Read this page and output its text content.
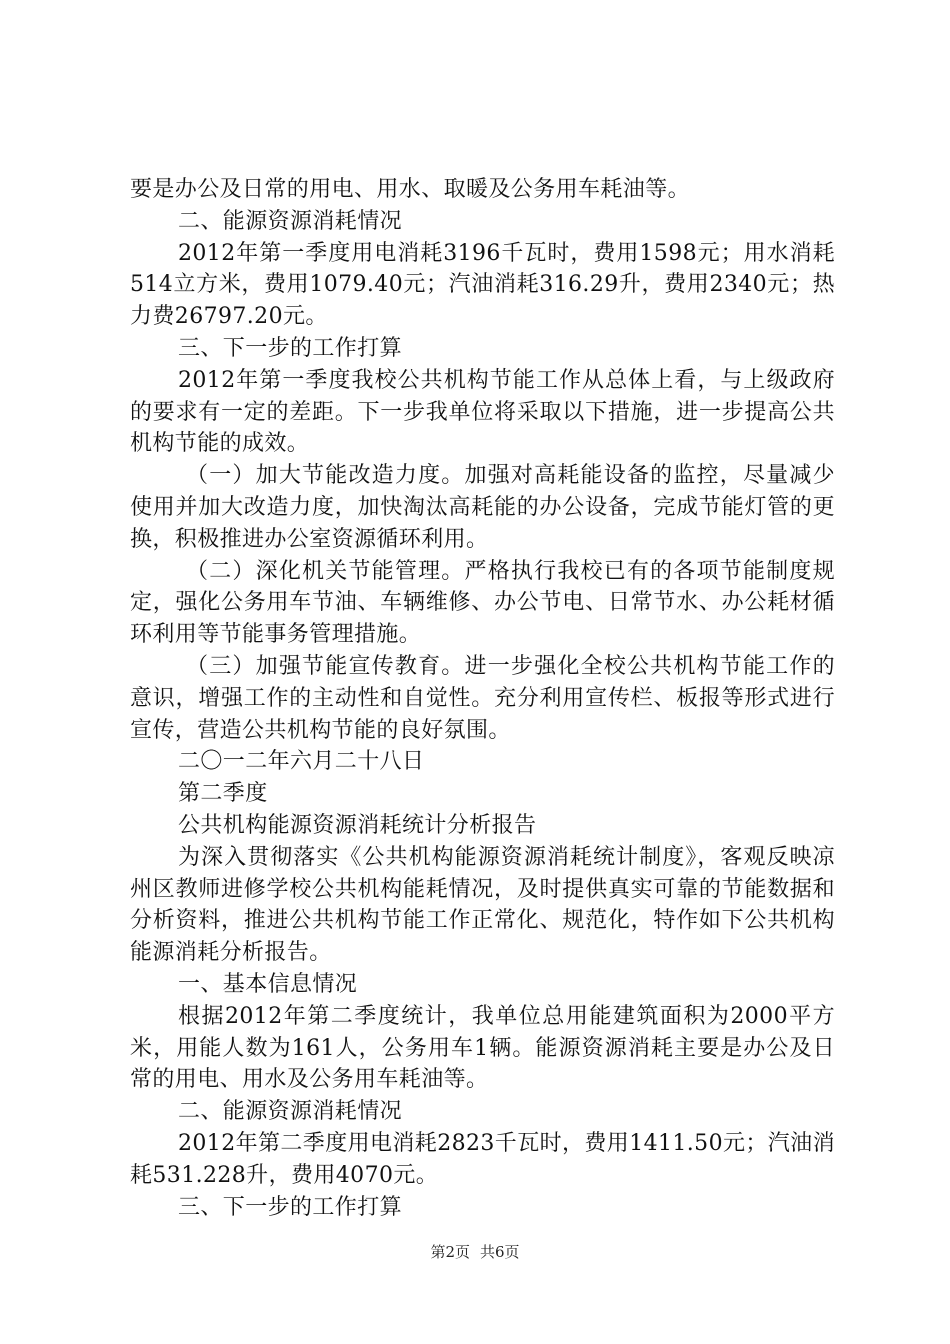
要是办公及日常的用电、用水、取暖及公务用车耗油等。

二、能源资源消耗情况

2012年第一季度用电消耗3196千瓦时，费用1598元；用水消耗514立方米，费用1079.40元；汽油消耗316.29升，费用2340元；热力费26797.20元。

三、下一步的工作打算

2012年第一季度我校公共机构节能工作从总体上看，与上级政府的要求有一定的差距。下一步我单位将采取以下措施，进一步提高公共机构节能的成效。

（一）加大节能改造力度。加强对高耗能设备的监控，尽量减少使用并加大改造力度，加快淘汰高耗能的办公设备，完成节能灯管的更换，积极推进办公室资源循环利用。

（二）深化机关节能管理。严格执行我校已有的各项节能制度规定，强化公务用车节油、车辆维修、办公节电、日常节水、办公耗材循环利用等节能事务管理措施。

（三）加强节能宣传教育。进一步强化全校公共机构节能工作的意识，增强工作的主动性和自觉性。充分利用宣传栏、板报等形式进行宣传，营造公共机构节能的良好氛围。

二〇一二年六月二十八日

第二季度

公共机构能源资源消耗统计分析报告

为深入贯彻落实《公共机构能源资源消耗统计制度》，客观反映凉州区教师进修学校公共机构能耗情况，及时提供真实可靠的节能数据和分析资料，推进公共机构节能工作正常化、规范化，特作如下公共机构能源消耗分析报告。

一、基本信息情况

根据2012年第二季度统计，我单位总用能建筑面积为2000平方米，用能人数为161人，公务用车1辆。能源资源消耗主要是办公及日常的用电、用水及公务用车耗油等。

二、能源资源消耗情况

2012年第二季度用电消耗2823千瓦时，费用1411.50元；汽油消耗531.228升，费用4070元。

三、下一步的工作打算

第2页 共6页
